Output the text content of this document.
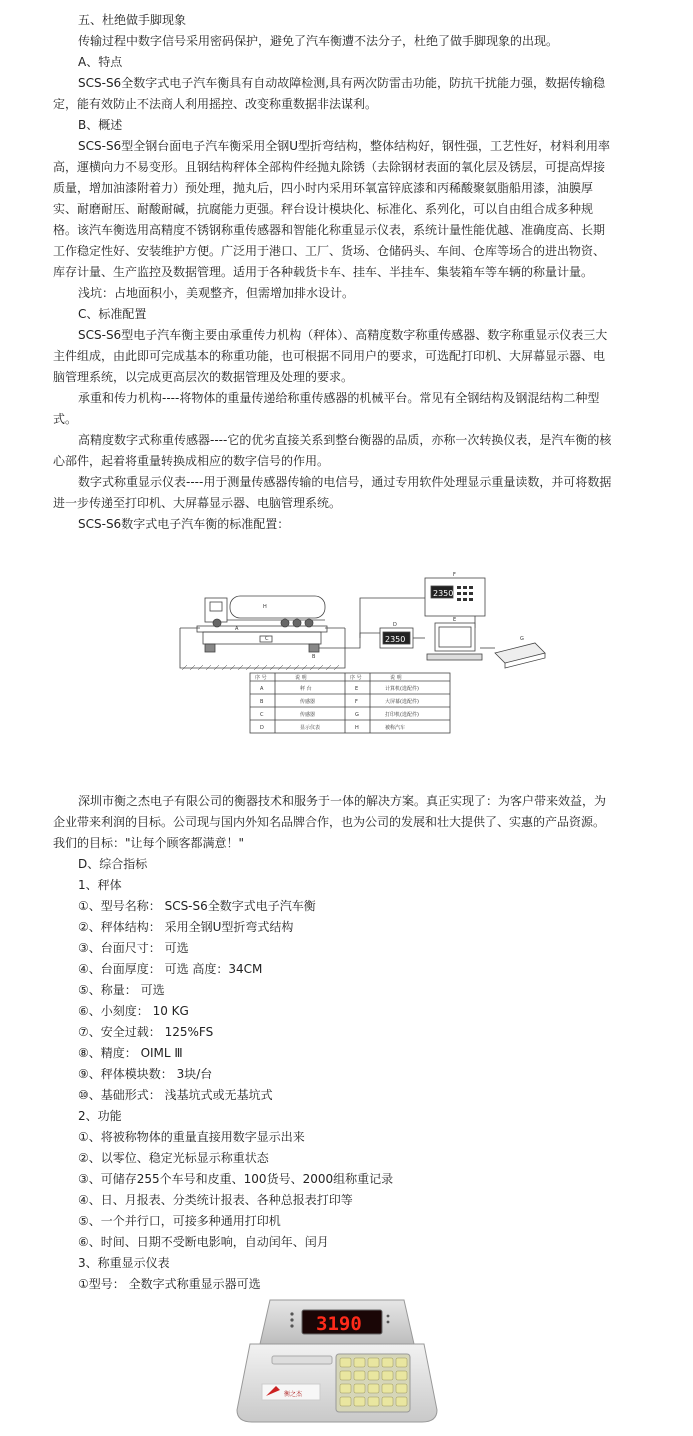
五、杜绝做手脚现象
传输过程中数字信号采用密码保护，避免了汽车衡遭不法分子，杜绝了做手脚现象的出现。
A、特点
SCS-S6全数字式电子汽车衡具有自动故障检测,具有两次防雷击功能，防抗干扰能力强，数据传输稳
定，能有效防止不法商人利用摇控、改变称重数据非法谋利。
B、概述
SCS-S6型全钢台面电子汽车衡采用全钢U型折弯结构，整体结构好，钢性强，工艺性好，材料利用率
高，運横向力不易变形。且钢结构秤体全部构件经抛丸除锈（去除钢材表面的氧化层及锈层，可提高焊接
质量，增加油漆附着力）预处理，抛丸后，四小时内采用环氧富锌底漆和丙稀酸聚氨脂船用漆，油膜厚
实、耐磨耐压、耐酸耐碱，抗腐能力更强。秤台设计模块化、标准化、系列化，可以自由组合成多种规
格。该汽车衡选用高精度不锈钢称重传感器和智能化称重显示仪表，系统计量性能优越、准确度高、长期
工作稳定性好、安装维护方便。广泛用于港口、工厂、货场、仓储码头、车间、仓库等场合的进出物资、
库存计量、生产监控及数据管理。适用于各种载货卡车、挂车、半挂车、集装箱车等车辆的称量计量。
浅坑：占地面积小，美观整齐，但需增加排水设计。
C、标准配置
SCS-S6型电子汽车衡主要由承重传力机构（秤体）、高精度数字称重传感器、数字称重显示仪表三大
主件组成，由此即可完成基本的称重功能，也可根据不同用户的要求，可选配打印机、大屏幕显示器、电
脑管理系统，以完成更高层次的数据管理及处理的要求。
承重和传力机构----将物体的重量传递给称重传感器的机械平台。常见有全钢结构及钢混结构二种型
式。
高精度数字式称重传感器----它的优劣直接关系到整台衡器的品质，亦称一次转换仪表，是汽车衡的核
心部件，起着将重量转换成相应的数字信号的作用。
数字式称重显示仪表----用于测量传感器传输的电信号，通过专用软件处理显示重量读数，并可将数据
进一步传递至打印机、大屏幕显示器、电脑管理系统。
SCS-S6数字式电子汽车衡的标准配置：
2350
2350
H
C
B
A
D
E
F
G
序 号	说 明	序 号	说 明
A	秤 台	E	计算机(选配件)
B	传感器	F	大屏幕(选配件)
C	传感器	G	打印机(选配件)
D	显示仪表	H	被称汽车
深圳市衡之杰电子有限公司的衡器技术和服务于一体的解决方案。真正实现了：为客户带来效益，为
企业带来利润的目标。公司现与国内外知名品牌合作，也为公司的发展和壮大提供了、实惠的产品资源。
我们的目标："让每个顾客都满意！"
D、综合指标
1、秤体
①、型号名称： SCS-S6全数字式电子汽车衡
②、秤体结构： 采用全钢U型折弯式结构
③、台面尺寸： 可选
④、台面厚度： 可选 高度：34CM
⑤、称量： 可选
⑥、小刻度： 10 KG
⑦、安全过载： 125%FS
⑧、精度： OIML Ⅲ
⑨、秤体模块数： 3块/台
⑩、基础形式： 浅基坑式或无基坑式
2、功能
①、将被称物体的重量直接用数字显示出来
②、以零位、稳定光标显示称重状态
③、可储存255个车号和皮重、100货号、2000组称重记录
④、日、月报表、分类统计报表、各种总报表打印等
⑤、一个并行口，可接多种通用打印机
⑥、时间、日期不受断电影响，自动闰年、闰月
3、称重显示仪表
①型号： 全数字式称重显示器可选
3190
衡之杰
